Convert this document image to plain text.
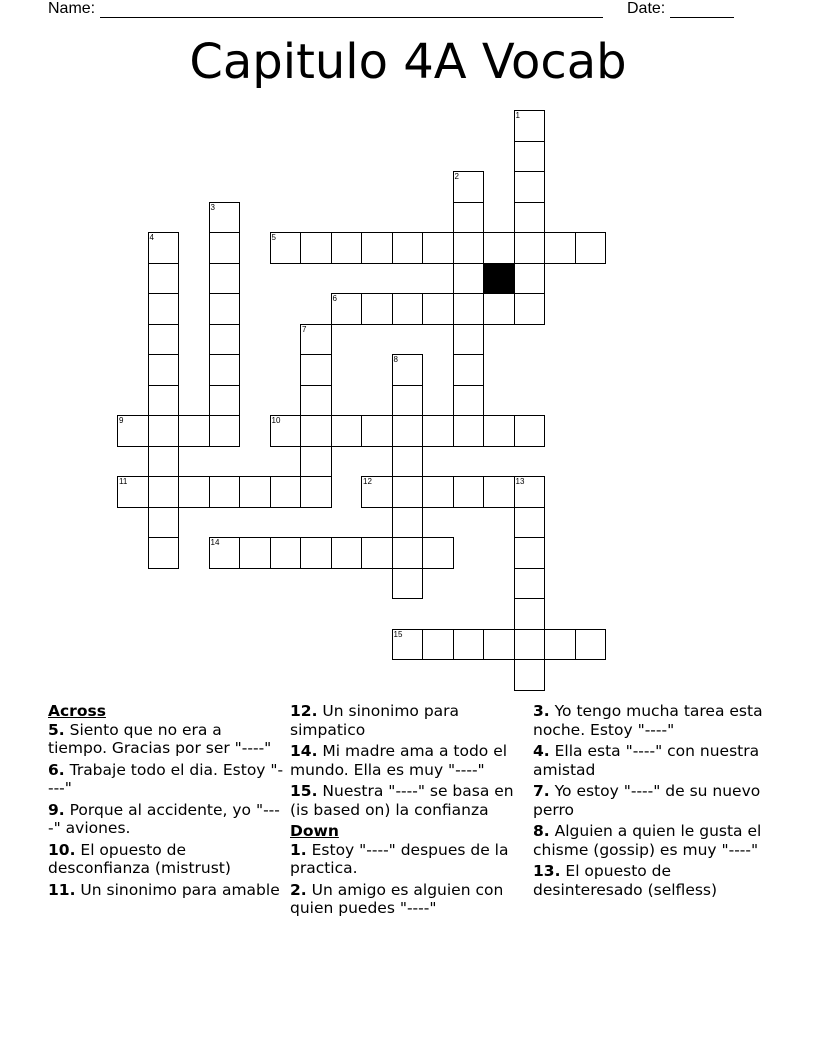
Name:	Date:
Capitulo 4A Vocab
1
2
3
4	5
6
7
8
9	10
11	12	13
14
15
Across
5. Siento que no era a tiempo. Gracias por ser "----"
6. Trabaje todo el dia. Estoy "----"
9. Porque al accidente, yo "----" aviones.
10. El opuesto de desconfianza (mistrust)
11. Un sinonimo para amable
12. Un sinonimo para simpatico
14. Mi madre ama a todo el mundo. Ella es muy "----"
15. Nuestra "----" se basa en (is based on) la confianza
Down
1. Estoy "----" despues de la practica.
2. Un amigo es alguien con quien puedes "----"
3. Yo tengo mucha tarea esta noche. Estoy "----"
4. Ella esta "----" con nuestra amistad
7. Yo estoy "----" de su nuevo perro
8. Alguien a quien le gusta el chisme (gossip) es muy "----"
13. El opuesto de desinteresado (selfless)
